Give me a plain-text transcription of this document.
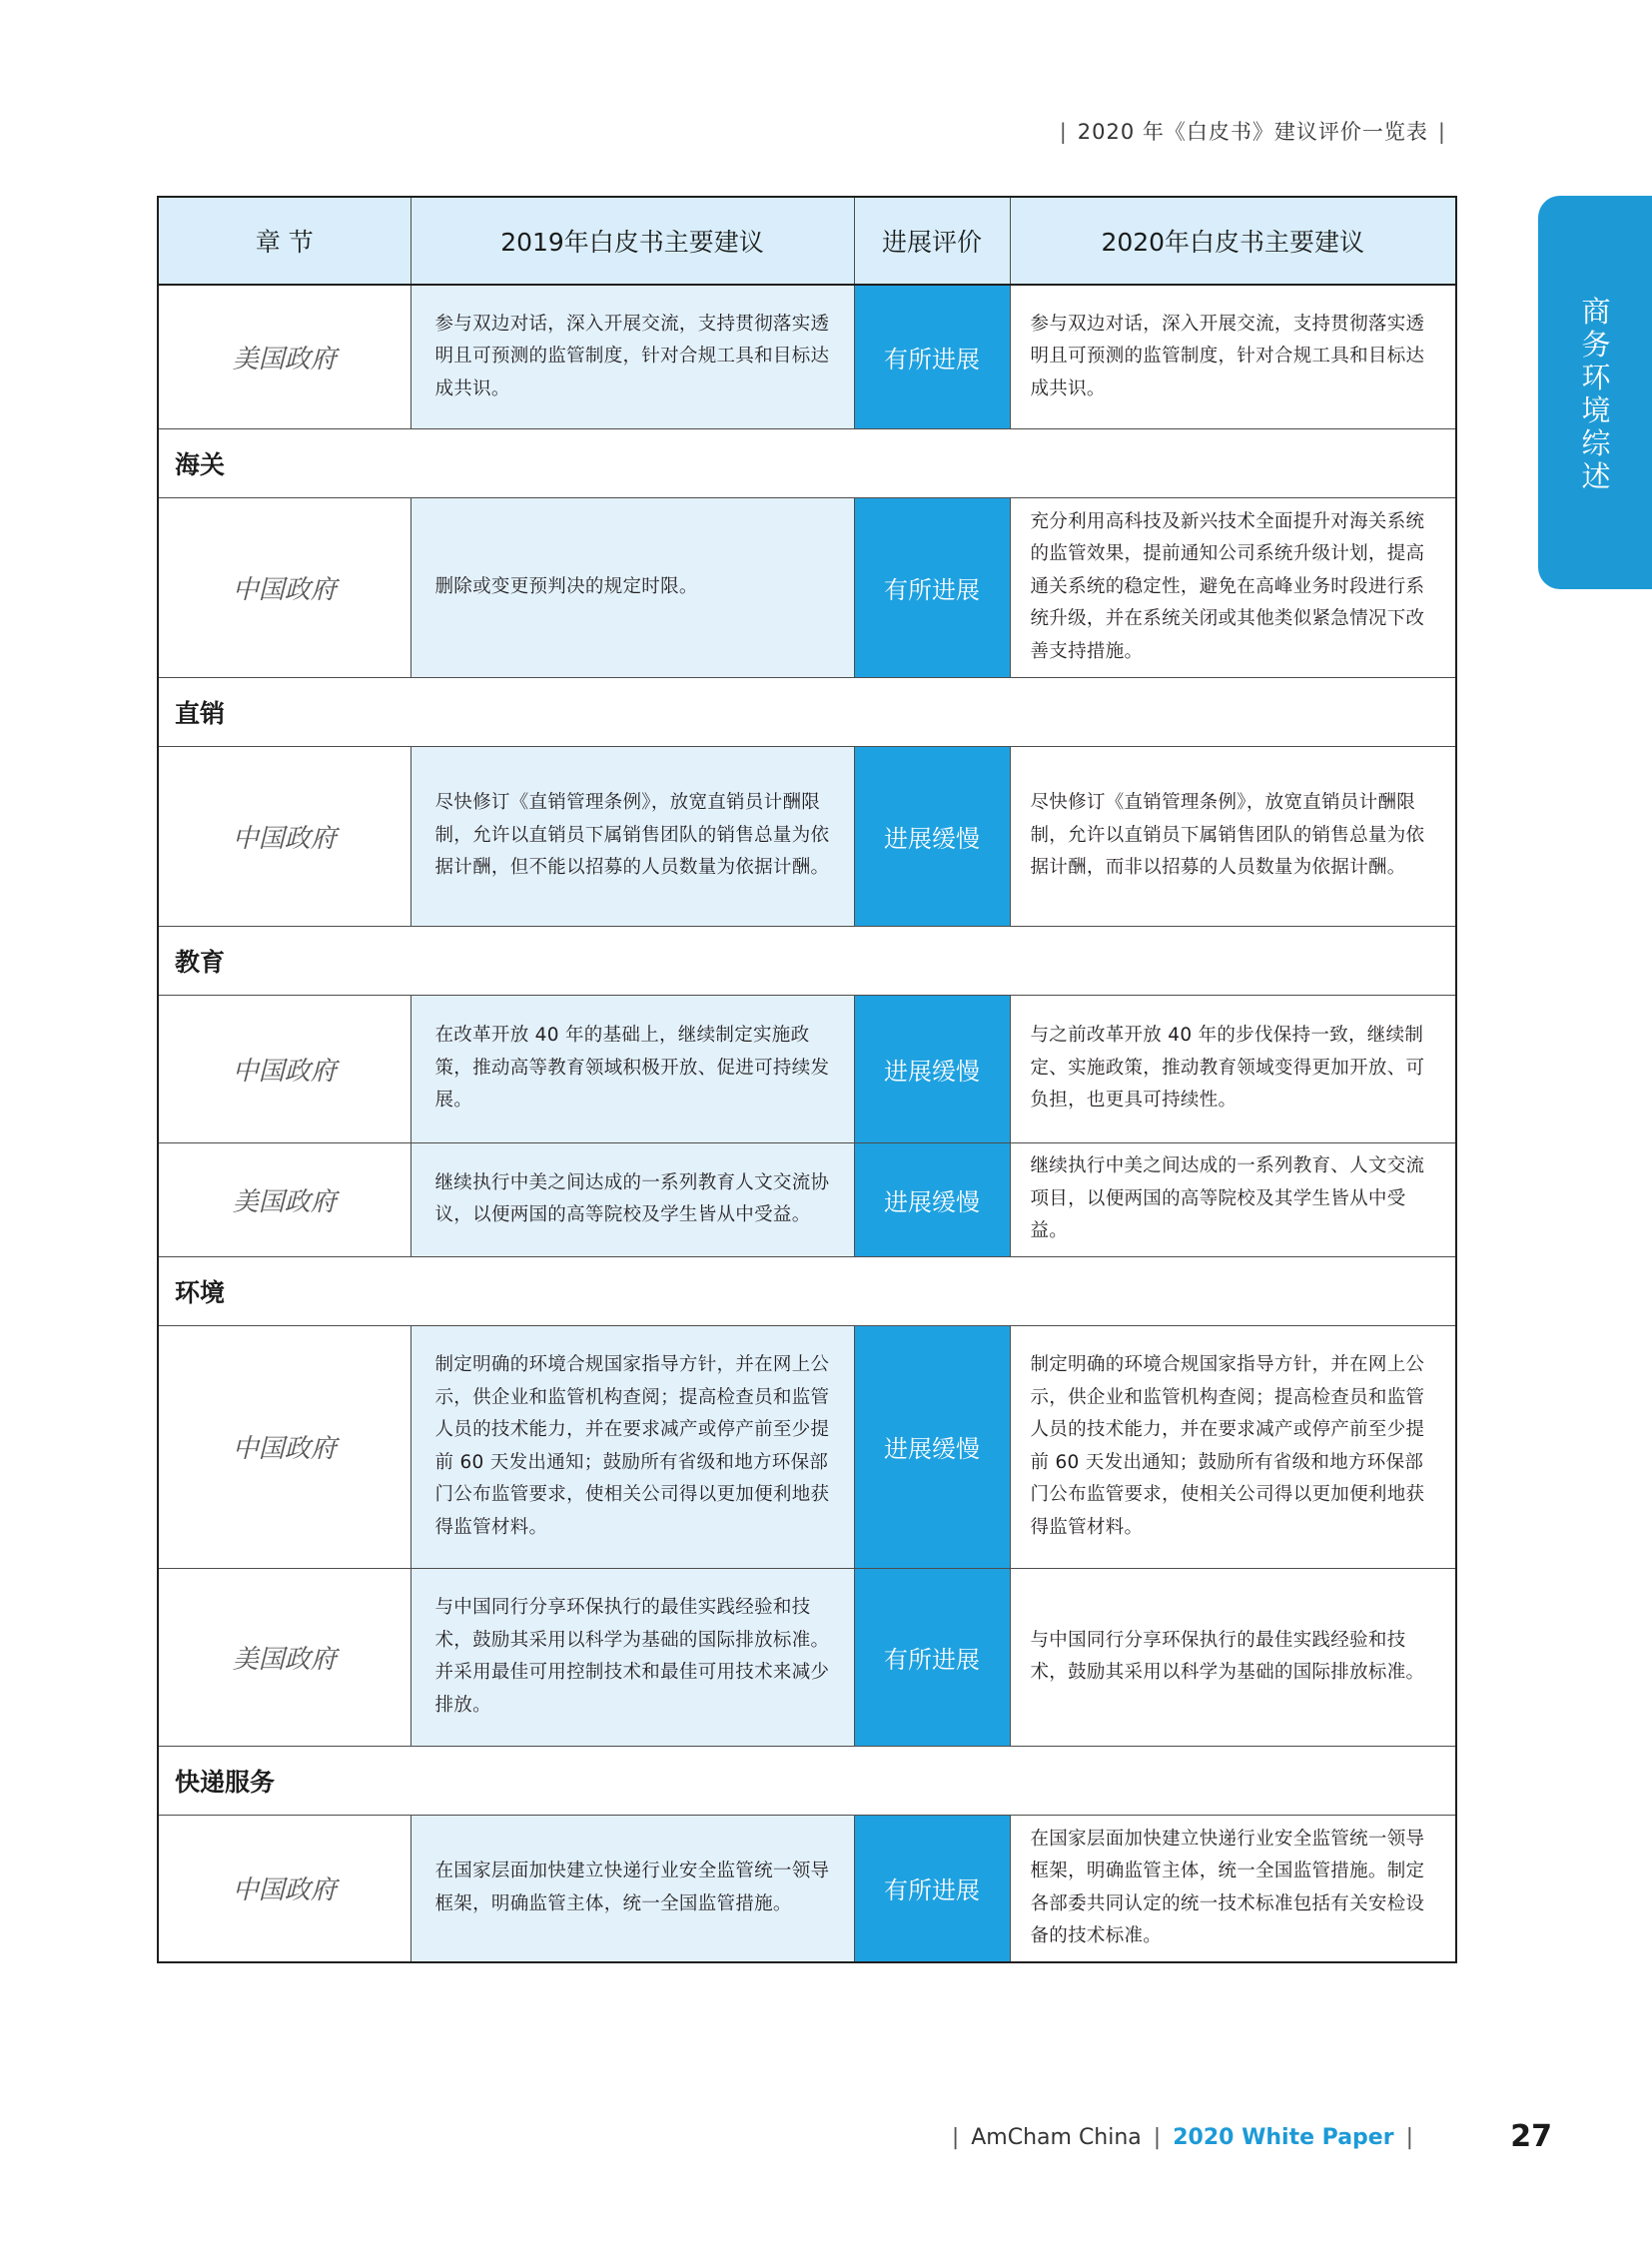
| 2020 年《白皮书》建议评价一览表 |
商
务
环
境
综
述
章 节	2019年白皮书主要建议	进展评价	2020年白皮书主要建议
美国政府	参与双边对话，深入开展交流，支持贯彻落实透明且可预测的监管制度，针对合规工具和目标达成共识。	有所进展	参与双边对话，深入开展交流，支持贯彻落实透明且可预测的监管制度，针对合规工具和目标达成共识。
海关			
中国政府	删除或变更预判决的规定时限。	有所进展	充分利用高科技及新兴技术全面提升对海关系统的监管效果，提前通知公司系统升级计划，提高通关系统的稳定性，避免在高峰业务时段进行系统升级，并在系统关闭或其他类似紧急情况下改善支持措施。
直销			
中国政府	尽快修订《直销管理条例》，放宽直销员计酬限制，允许以直销员下属销售团队的销售总量为依据计酬，但不能以招募的人员数量为依据计酬。	进展缓慢	尽快修订《直销管理条例》，放宽直销员计酬限制，允许以直销员下属销售团队的销售总量为依据计酬，而非以招募的人员数量为依据计酬。
教育			
中国政府	在改革开放 40 年的基础上，继续制定实施政策，推动高等教育领域积极开放、促进可持续发展。	进展缓慢	与之前改革开放 40 年的步伐保持一致，继续制定、实施政策，推动教育领域变得更加开放、可负担，也更具可持续性。
美国政府	继续执行中美之间达成的一系列教育人文交流协议，以便两国的高等院校及学生皆从中受益。	进展缓慢	继续执行中美之间达成的一系列教育、人文交流项目，以便两国的高等院校及其学生皆从中受益。
环境			
中国政府	制定明确的环境合规国家指导方针，并在网上公示，供企业和监管机构查阅；提高检查员和监管人员的技术能力，并在要求减产或停产前至少提前 60 天发出通知；鼓励所有省级和地方环保部门公布监管要求，使相关公司得以更加便利地获得监管材料。	进展缓慢	制定明确的环境合规国家指导方针，并在网上公示，供企业和监管机构查阅；提高检查员和监管人员的技术能力，并在要求减产或停产前至少提前 60 天发出通知；鼓励所有省级和地方环保部门公布监管要求，使相关公司得以更加便利地获得监管材料。
美国政府	与中国同行分享环保执行的最佳实践经验和技术，鼓励其采用以科学为基础的国际排放标准。并采用最佳可用控制技术和最佳可用技术来减少排放。	有所进展	与中国同行分享环保执行的最佳实践经验和技术，鼓励其采用以科学为基础的国际排放标准。
快递服务			
中国政府	在国家层面加快建立快递行业安全监管统一领导框架，明确监管主体，统一全国监管措施。	有所进展	在国家层面加快建立快递行业安全监管统一领导框架，明确监管主体，统一全国监管措施。制定各部委共同认定的统一技术标准包括有关安检设备的技术标准。
| AmCham China | 2020 White Paper |	27
